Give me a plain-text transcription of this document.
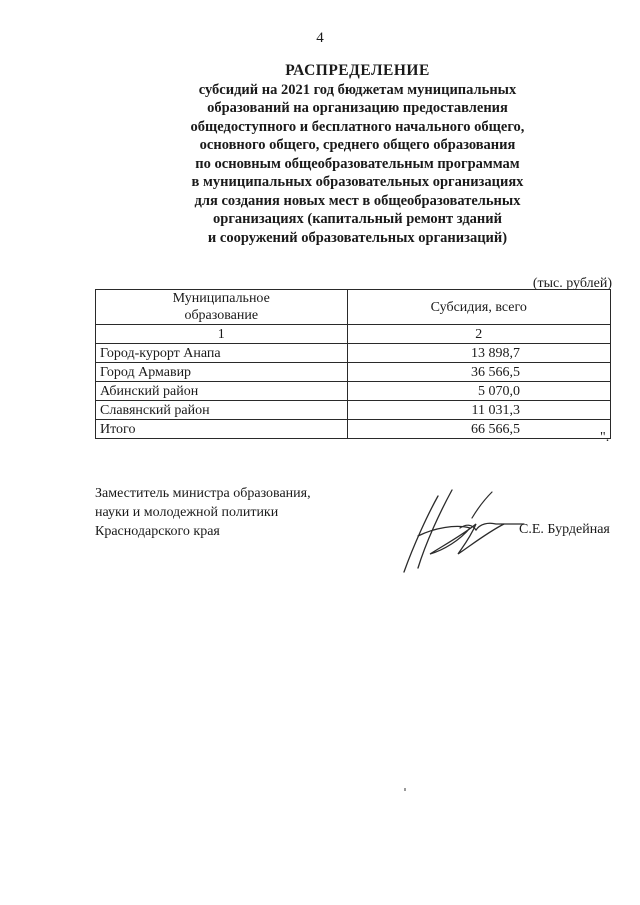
4
РАСПРЕДЕЛЕНИЕ
субсидий на 2021 год бюджетам муниципальных
образований на организацию предоставления
общедоступного и бесплатного начального общего,
основного общего, среднего общего образования
по основным общеобразовательным программам
в муниципальных образовательных организациях
для создания новых мест в общеобразовательных
организациях (капитальный ремонт зданий
и сооружений образовательных организаций)
(тыс. рублей)
Муниципальное образование	Субсидия, всего
1	2
Город-курорт Анапа	13 898,7
Город Армавир	36 566,5
Абинский район	5 070,0
Славянский район	11 031,3
Итого	66 566,5
".
Заместитель министра образования,
науки и молодежной политики
Краснодарского края	С.Е. Бурдейная
